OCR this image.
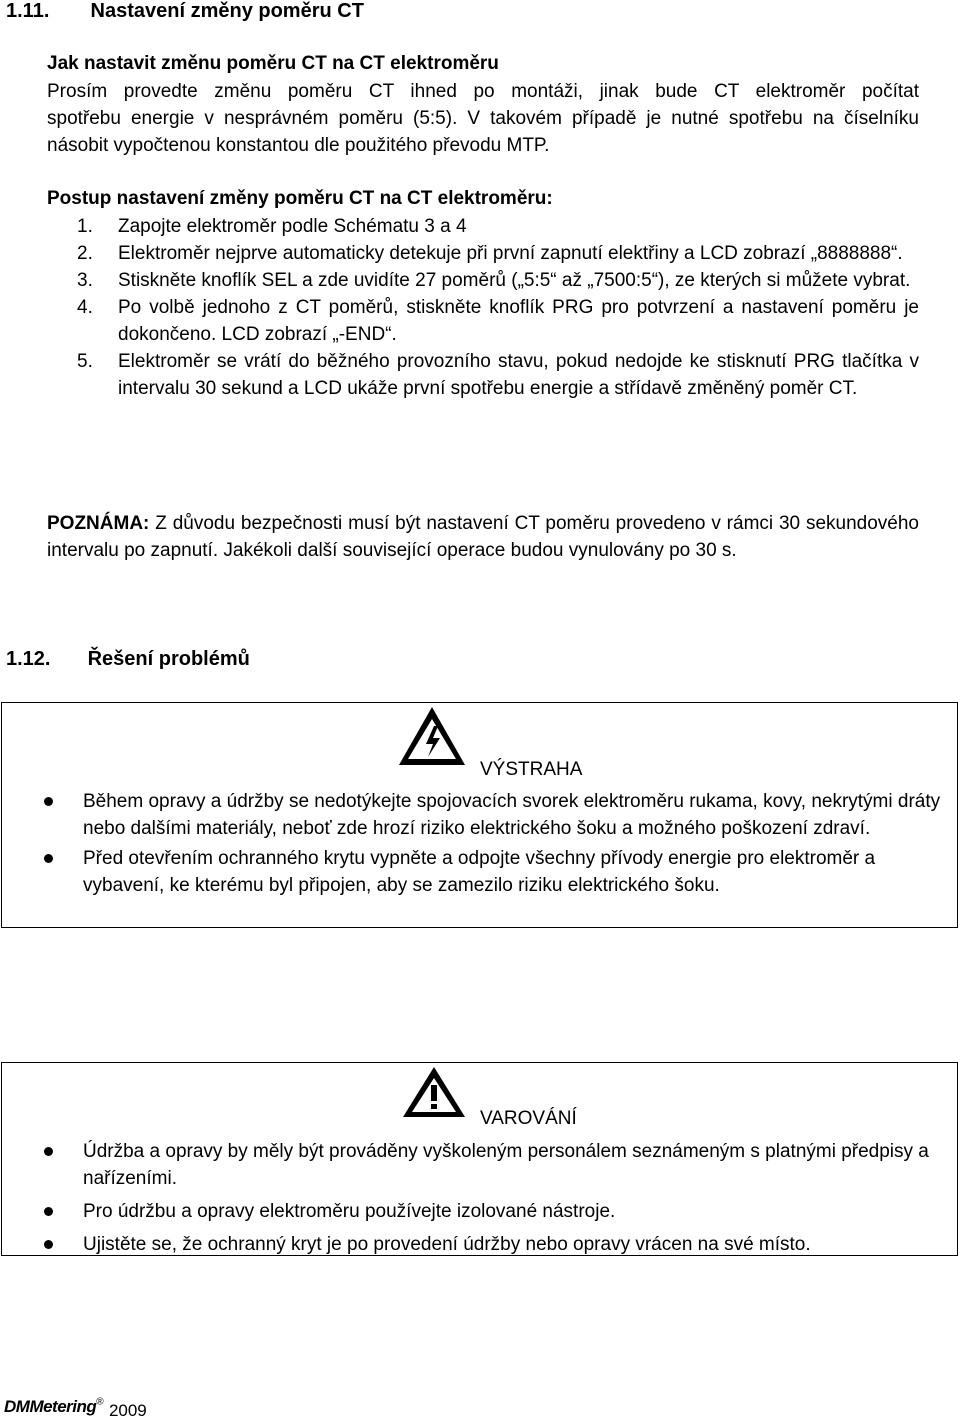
1.11. Nastavení změny poměru CT
Jak nastavit změnu poměru CT na CT elektroměru
Prosím provedte změnu poměru CT ihned po montáži, jinak bude CT elektroměr počítat
spotřebu energie v nesprávném poměru (5:5). V takovém případě je nutné spotřebu na číselníku
násobit vypočtenou konstantou dle použitého převodu MTP.
Postup nastavení změny poměru CT na CT elektroměru:
1. Zapojte elektroměr podle Schématu 3 a 4
2. Elektroměr nejprve automaticky detekuje při první zapnutí elektřiny a LCD zobrazí „8888888“.
3. Stiskněte knoflík SEL a zde uvidíte 27 poměrů („5:5“ až „7500:5“), ze kterých si můžete vybrat.
4. Po volbě jednoho z CT poměrů, stiskněte knoflík PRG pro potvrzení a nastavení poměru je dokončeno. LCD zobrazí „-END“.
5. Elektroměr se vrátí do běžného provozního stavu, pokud nedojde ke stisknutí PRG tlačítka v intervalu 30 sekund a LCD ukáže první spotřebu energie a střídavě změněný poměr CT.
POZNÁMA: Z důvodu bezpečnosti musí být nastavení CT poměru provedeno v rámci 30 sekundového intervalu po zapnutí. Jakékoli další související operace budou vynulovány po 30 s.
1.12. Řešení problémů
VÝSTRAHA
Během opravy a údržby se nedotýkejte spojovacích svorek elektroměru rukama, kovy, nekrytými dráty nebo dalšími materiály, neboť zde hrozí riziko elektrického šoku a možného poškození zdraví.
Před otevřením ochranného krytu vypněte a odpojte všechny přívody energie pro elektroměr a vybavení, ke kterému byl připojen, aby se zamezilo riziku elektrického šoku.
VAROVÁNÍ
Údržba a opravy by měly být prováděny vyškoleným personálem seznámeným s platnými předpisy a nařízeními.
Pro údržbu a opravy elektroměru používejte izolované nástroje.
Ujistěte se, že ochranný kryt je po provedení údržby nebo opravy vrácen na své místo.
DMMetering® 2009
